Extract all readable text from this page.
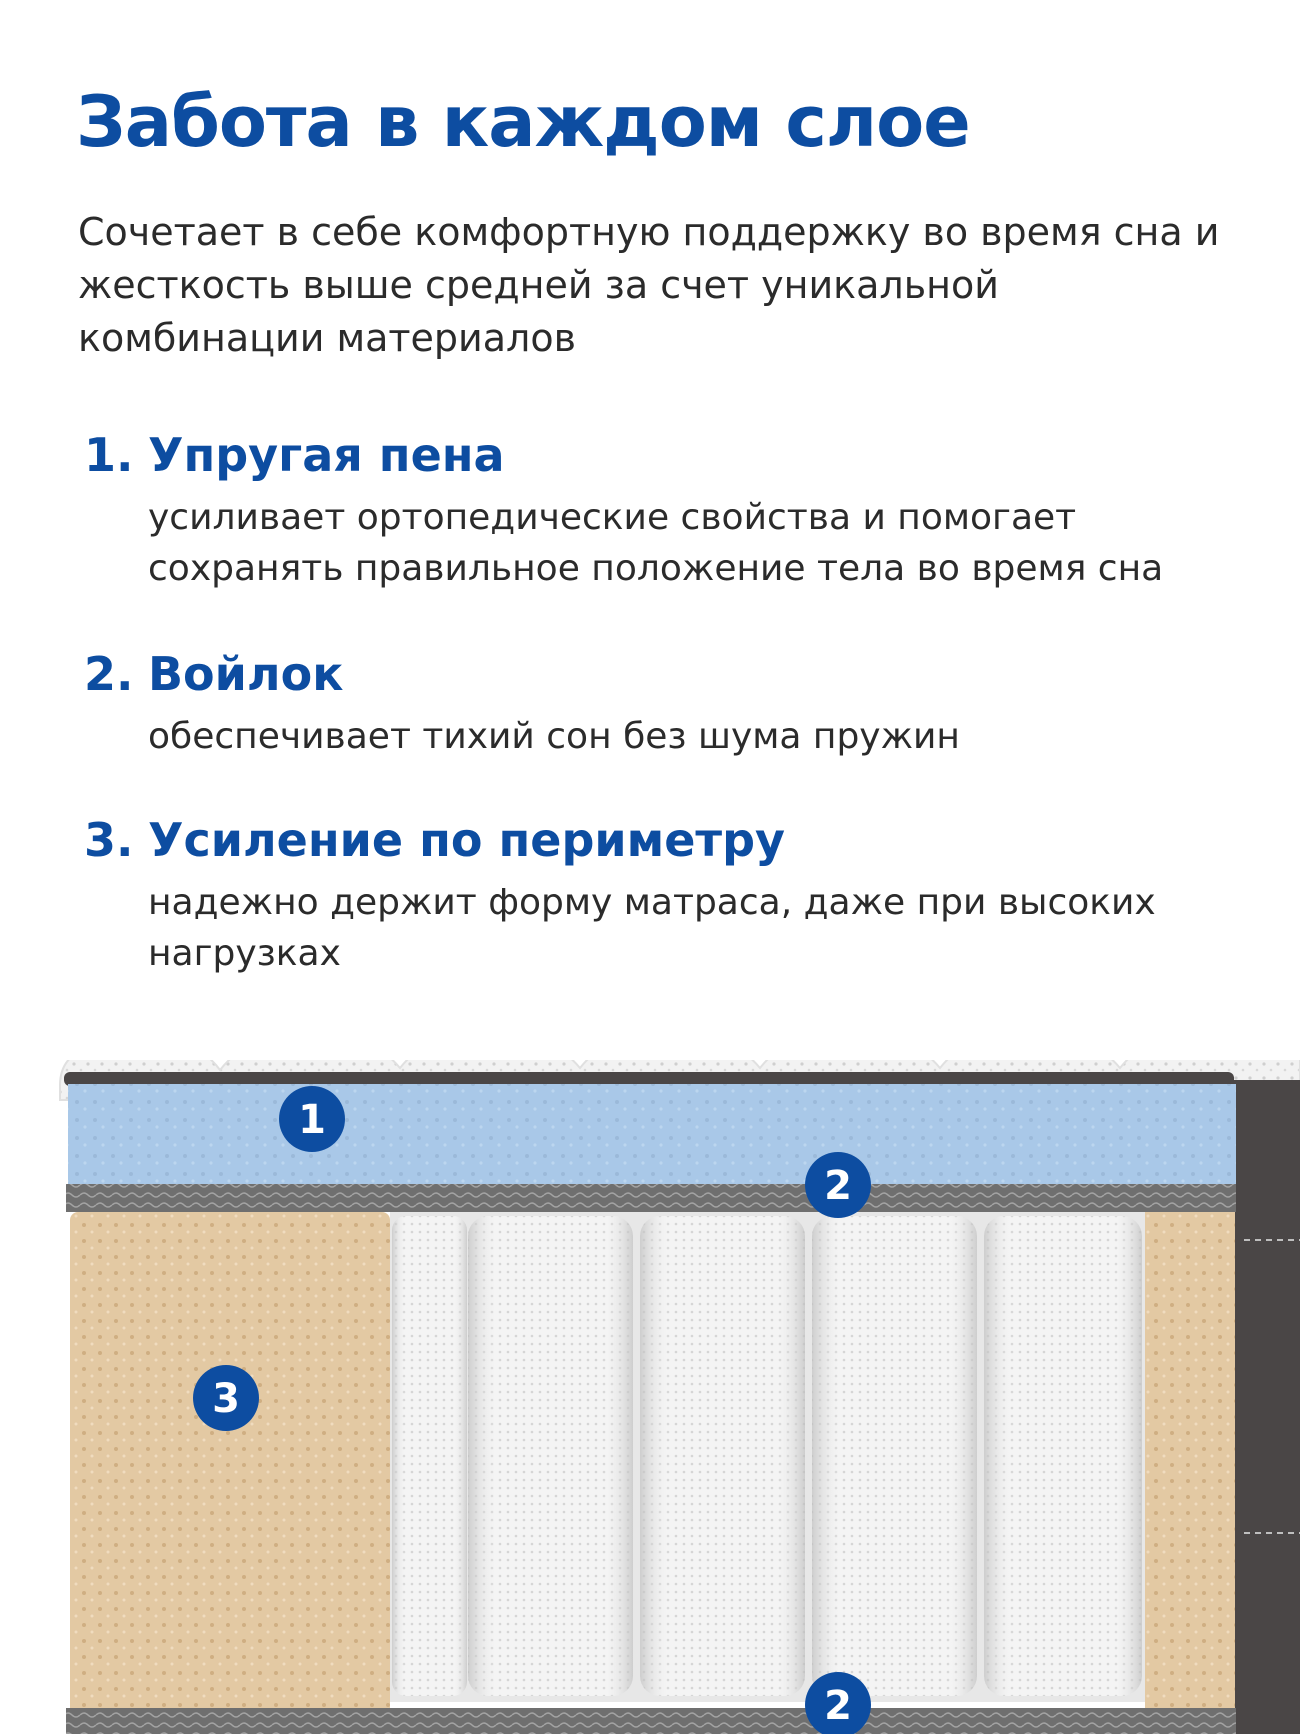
Забота в каждом слое
Сочетает в себе комфортную поддержку во время сна и жесткость выше средней за счет уникальной комбинации материалов
1. Упругая пена
усиливает ортопедические свойства и помогает сохранять правильное положение тела во время сна
2. Войлок
обеспечивает тихий сон без шума пружин
3. Усиление по периметру
надежно держит форму матраса, даже при высоких нагрузках
1
2
3
2
